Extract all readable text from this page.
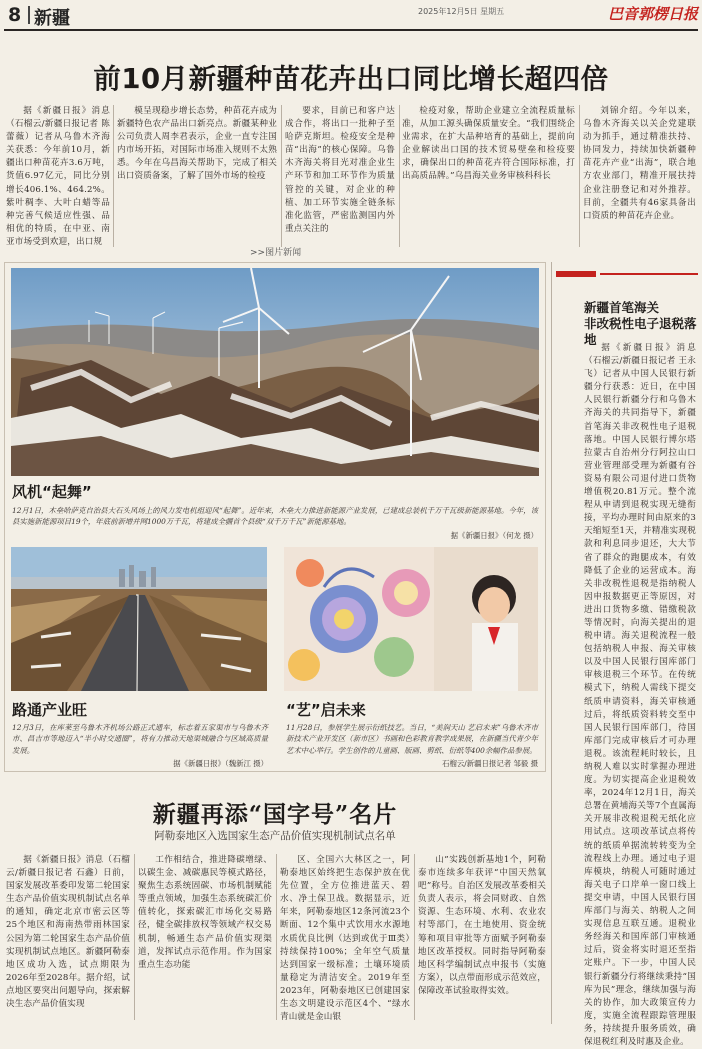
8 新疆	2025年12月5日 星期五	巴音郭楞日报
前10月新疆种苗花卉出口同比增长超四倍

据《新疆日报》消息（石榴云/新疆日报记者 陈蕾薇）记者从乌鲁木齐海关获悉：今年前10月，新疆出口种苗花卉3.6万吨，货值6.97亿元，同比分别增长406.1%、464.2%。紫叶稠李、大叶白蜡等品种完善气候适应性强、品相优的特质，在中亚、南亚市场受到欢迎，出口规

模呈现稳步增长态势，种苗花卉成为新疆特色农产品出口新亮点。新疆某种业公司负责人周李君表示，企业一直专注国内市场开拓，对国际市场准入规则不太熟悉。今年在乌昌海关帮助下，完成了相关出口资质备案，了解了国外市场的检疫

要求，目前已和客户达成合作，将出口一批种子至哈萨克斯坦。检疫安全是种苗“出海”的核心保障。乌鲁木齐海关将目光对准企业生产环节和加工环节作为质量管控的关键，对企业的种植、加工环节实施全链条标准化监管，严密监测国内外重点关注的

检疫对象，帮助企业建立全流程质量标准，从加工源头确保质量安全。“我们围绕企业需求，在扩大品种培育的基础上，提前向企业解读出口国的技术贸易壁垒和检疫要求，确保出口的种苗花卉符合国际标准，打出高质品牌。”乌昌海关业务审核科科长

刘锦介绍。今年以来，乌鲁木齐海关以关企党建联动为抓手，通过精准扶持、协同发力，持续加快新疆种苗花卉产业“出海”，联合地方农业部门，精准开展扶持企业注册登记和对外推荐。目前，全疆共有46家具备出口资质的种苗花卉企业。

>>图片新闻
风机“起舞”
12月1日，木垒哈萨克自治县大石头风场上的风力发电机组迎风“起舞”。近年来，木垒大力推进新能源产业发展，已建成总装机千万千瓦级新能源基地。今年，该县实施新能源项目19个，年底前新增并网1000万千瓦，将建成全疆首个县级“双千万千瓦”新能源基地。
据《新疆日报》（何龙 摄）
路通产业旺
12月3日，在库莱至乌鲁木齐机场公路正式通车，标志着五家渠市与乌鲁木齐市、昌吉市等地迈入“半小时交通圈”，将有力推动天地渠城融合与区域高质量发展。
据《新疆日报》（魏新江 摄）
“艺”启未来
11月28日，参展学生展示衍纸技艺。当日，“美润天山 艺启未来”乌鲁木齐市新技术产业开发区（新市区）书画和色彩教育教学成果展，在新疆当代青少年艺术中心举行。学生创作的儿童画、版画、剪纸、衍纸等400余幅作品参展。
石榴云/新疆日报记者 邹毅 摄
新疆首笔海关
非改税性电子退税落地

据《新疆日报》消息（石榴云/新疆日报记者 王永飞）记者从中国人民银行新疆分行获悉：近日，在中国人民银行新疆分行和乌鲁木齐海关的共同指导下，新疆首笔海关非改税性电子退税落地。中国人民银行博尔塔拉蒙古自治州分行阿拉山口营业管理部受理为新疆有谷资易有限公司退付进口货物增值税20.81万元。整个流程从申请到退税实现无缝衔接，平均办理时间由原来的3天缩短至1天，并精准实现税款和利息同步退还，大大节省了群众的跑腿成本，有效降低了企业的运营成本。海关非改税性退税是指纳税人因申报数据更正等原因，对进出口货物多缴、错缴税款等情况时，向海关提出的退税申请。海关退税流程一般包括纳税人申报、海关审核以及中国人民银行国库部门审核退税三个环节。在传统模式下，纳税人需线下提交纸质申请资料，海关审核通过后，将纸质资料转交至中国人民银行国库部门，待国库部门完成审核后才可办理退税。该流程耗时较长，且纳税人难以实时掌握办理进度。为切实提高企业退税效率，2024年12月1日，海关总署在黄埔海关等7个直属海关开展非改税退税无纸化应用试点。这项改革试点将传统的纸质单据流转转变为全流程线上办理。通过电子退库模块，纳税人可随时通过海关电子口岸单一窗口线上提交申请，中国人民银行国库部门与海关、纳税人之间实现信息互联互通。退税业务经海关和国库部门审核通过后，资金将实时退还至指定账户。下一步，中国人民银行新疆分行将继续秉持“国库为民”理念，继续加强与海关的协作，加大政策宣传力度，实施全流程跟踪管理服务，持续提升服务质效，确保退税红利及时惠及企业。

新疆再添“国字号”名片
阿勒泰地区入选国家生态产品价值实现机制试点名单

据《新疆日报》消息（石榴云/新疆日报记者 石鑫）日前，国家发展改革委印发第二轮国家生态产品价值实现机制试点名单的通知，确定北京市密云区等25个地区和海南热带雨林国家公园为第二轮国家生态产品价值实现机制试点地区。新疆阿勒泰地区成功入选，试点期限为2026年至2028年。据介绍，试点地区要突出问题导向，探索解决生态产品价值实现

工作相结合，推进降碳增绿、以碳生金、减碳惠民等模式路径，聚焦生态系统固碳、市场机制赋能等重点领域，加强生态系统碳汇价值转化，探索碳汇市场化交易路径，健全碳排放权等领域产权交易机制，畅通生态产品价值实现渠道，发挥试点示范作用。作为国家重点生态功能

区、全国六大林区之一，阿勒泰地区始终把生态保护放在优先位置，全方位推进蓝天、碧水、净土保卫战。数据显示，近年来，阿勒泰地区12条河流23个断面、12个集中式饮用水水源地水质优良比例（达到或优于Ⅲ类）持续保持100%；全年空气质量达到国家一级标准；土壤环境质量稳定为清洁安全。2019年至2023年，阿勒泰地区已创建国家生态文明建设示范区4个、“绿水青山就是金山银

山”实践创新基地1个，阿勒泰市连续多年获评“中国天然氧吧”称号。自治区发展改革委相关负责人表示，将会同财政、自然资源、生态环境、水利、农业农村等部门，在土地使用、资金统筹和项目审批等方面赋予阿勒泰地区改革授权。同时指导阿勒泰地区科学编制试点申报书（实施方案），以点带面形成示范效应，保障改革试验取得实效。
